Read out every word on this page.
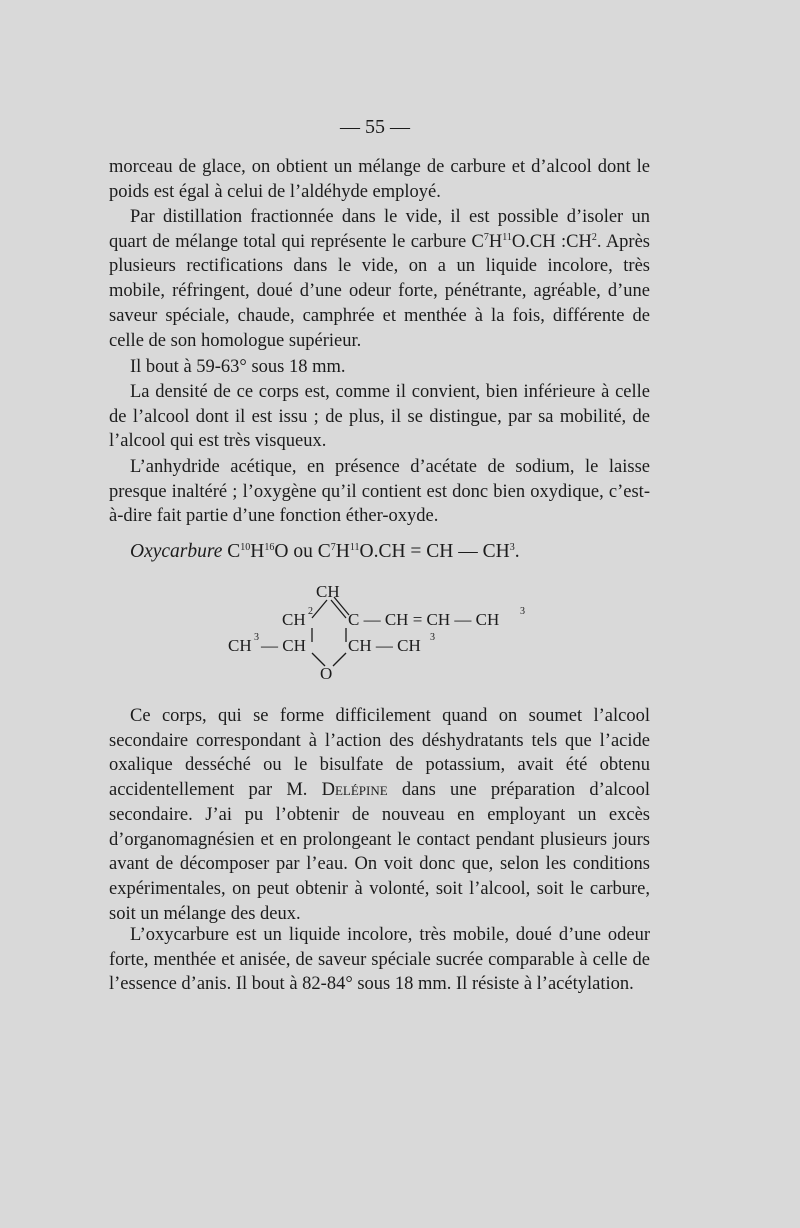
— 55 —

morceau de glace, on obtient un mélange de carbure et d’alcool dont le poids est égal à celui de l’aldéhyde employé.

Par distillation fractionnée dans le vide, il est possible d’isoler un quart de mélange total qui représente le carbure $C^7H^{11}O.CH$ $:CH^2$. Après plusieurs rectifications dans le vide, on a un liquide incolore, très mobile, réfringent, doué d’une odeur forte, pénétrante, agréable, d’une saveur spéciale, chaude, camphrée et menthée à la fois, différente de celle de son homologue supérieur.

Il bout à 59-63° sous 18 mm.

La densité de ce corps est, comme il convient, bien inférieure à celle de l’alcool dont il est issu ; de plus, il se distingue, par sa mobilité, de l’alcool qui est très visqueux.

L’anhydride acétique, en présence d’acétate de sodium, le laisse presque inaltéré ; l’oxygène qu’il contient est donc bien oxydique, c’est-à-dire fait partie d’une fonction éther-oxyde.

Oxycarbure $C^{10}H^{16}O$ ou $C^7H^{11}O.CH$ = CH — $CH^3$.
CH
CH 2 C — CH = CH — CH 3
CH 3 — CH CH — CH 3
O

Ce corps, qui se forme difficilement quand on soumet l’alcool secondaire correspondant à l’action des déshydratants tels que l’acide oxalique desséché ou le bisulfate de potassium, avait été obtenu accidentellement par M. Delépine dans une préparation d’alcool secondaire. J’ai pu l’obtenir de nouveau en employant un excès d’organomagnésien et en prolongeant le contact pendant plusieurs jours avant de décomposer par l’eau. On voit donc que, selon les conditions expérimentales, on peut obtenir à volonté, soit l’alcool, soit le carbure, soit un mélange des deux.

L’oxycarbure est un liquide incolore, très mobile, doué d’une odeur forte, menthée et anisée, de saveur spéciale sucrée comparable à celle de l’essence d’anis. Il bout à 82-84° sous 18 mm. Il résiste à l’acétylation.
